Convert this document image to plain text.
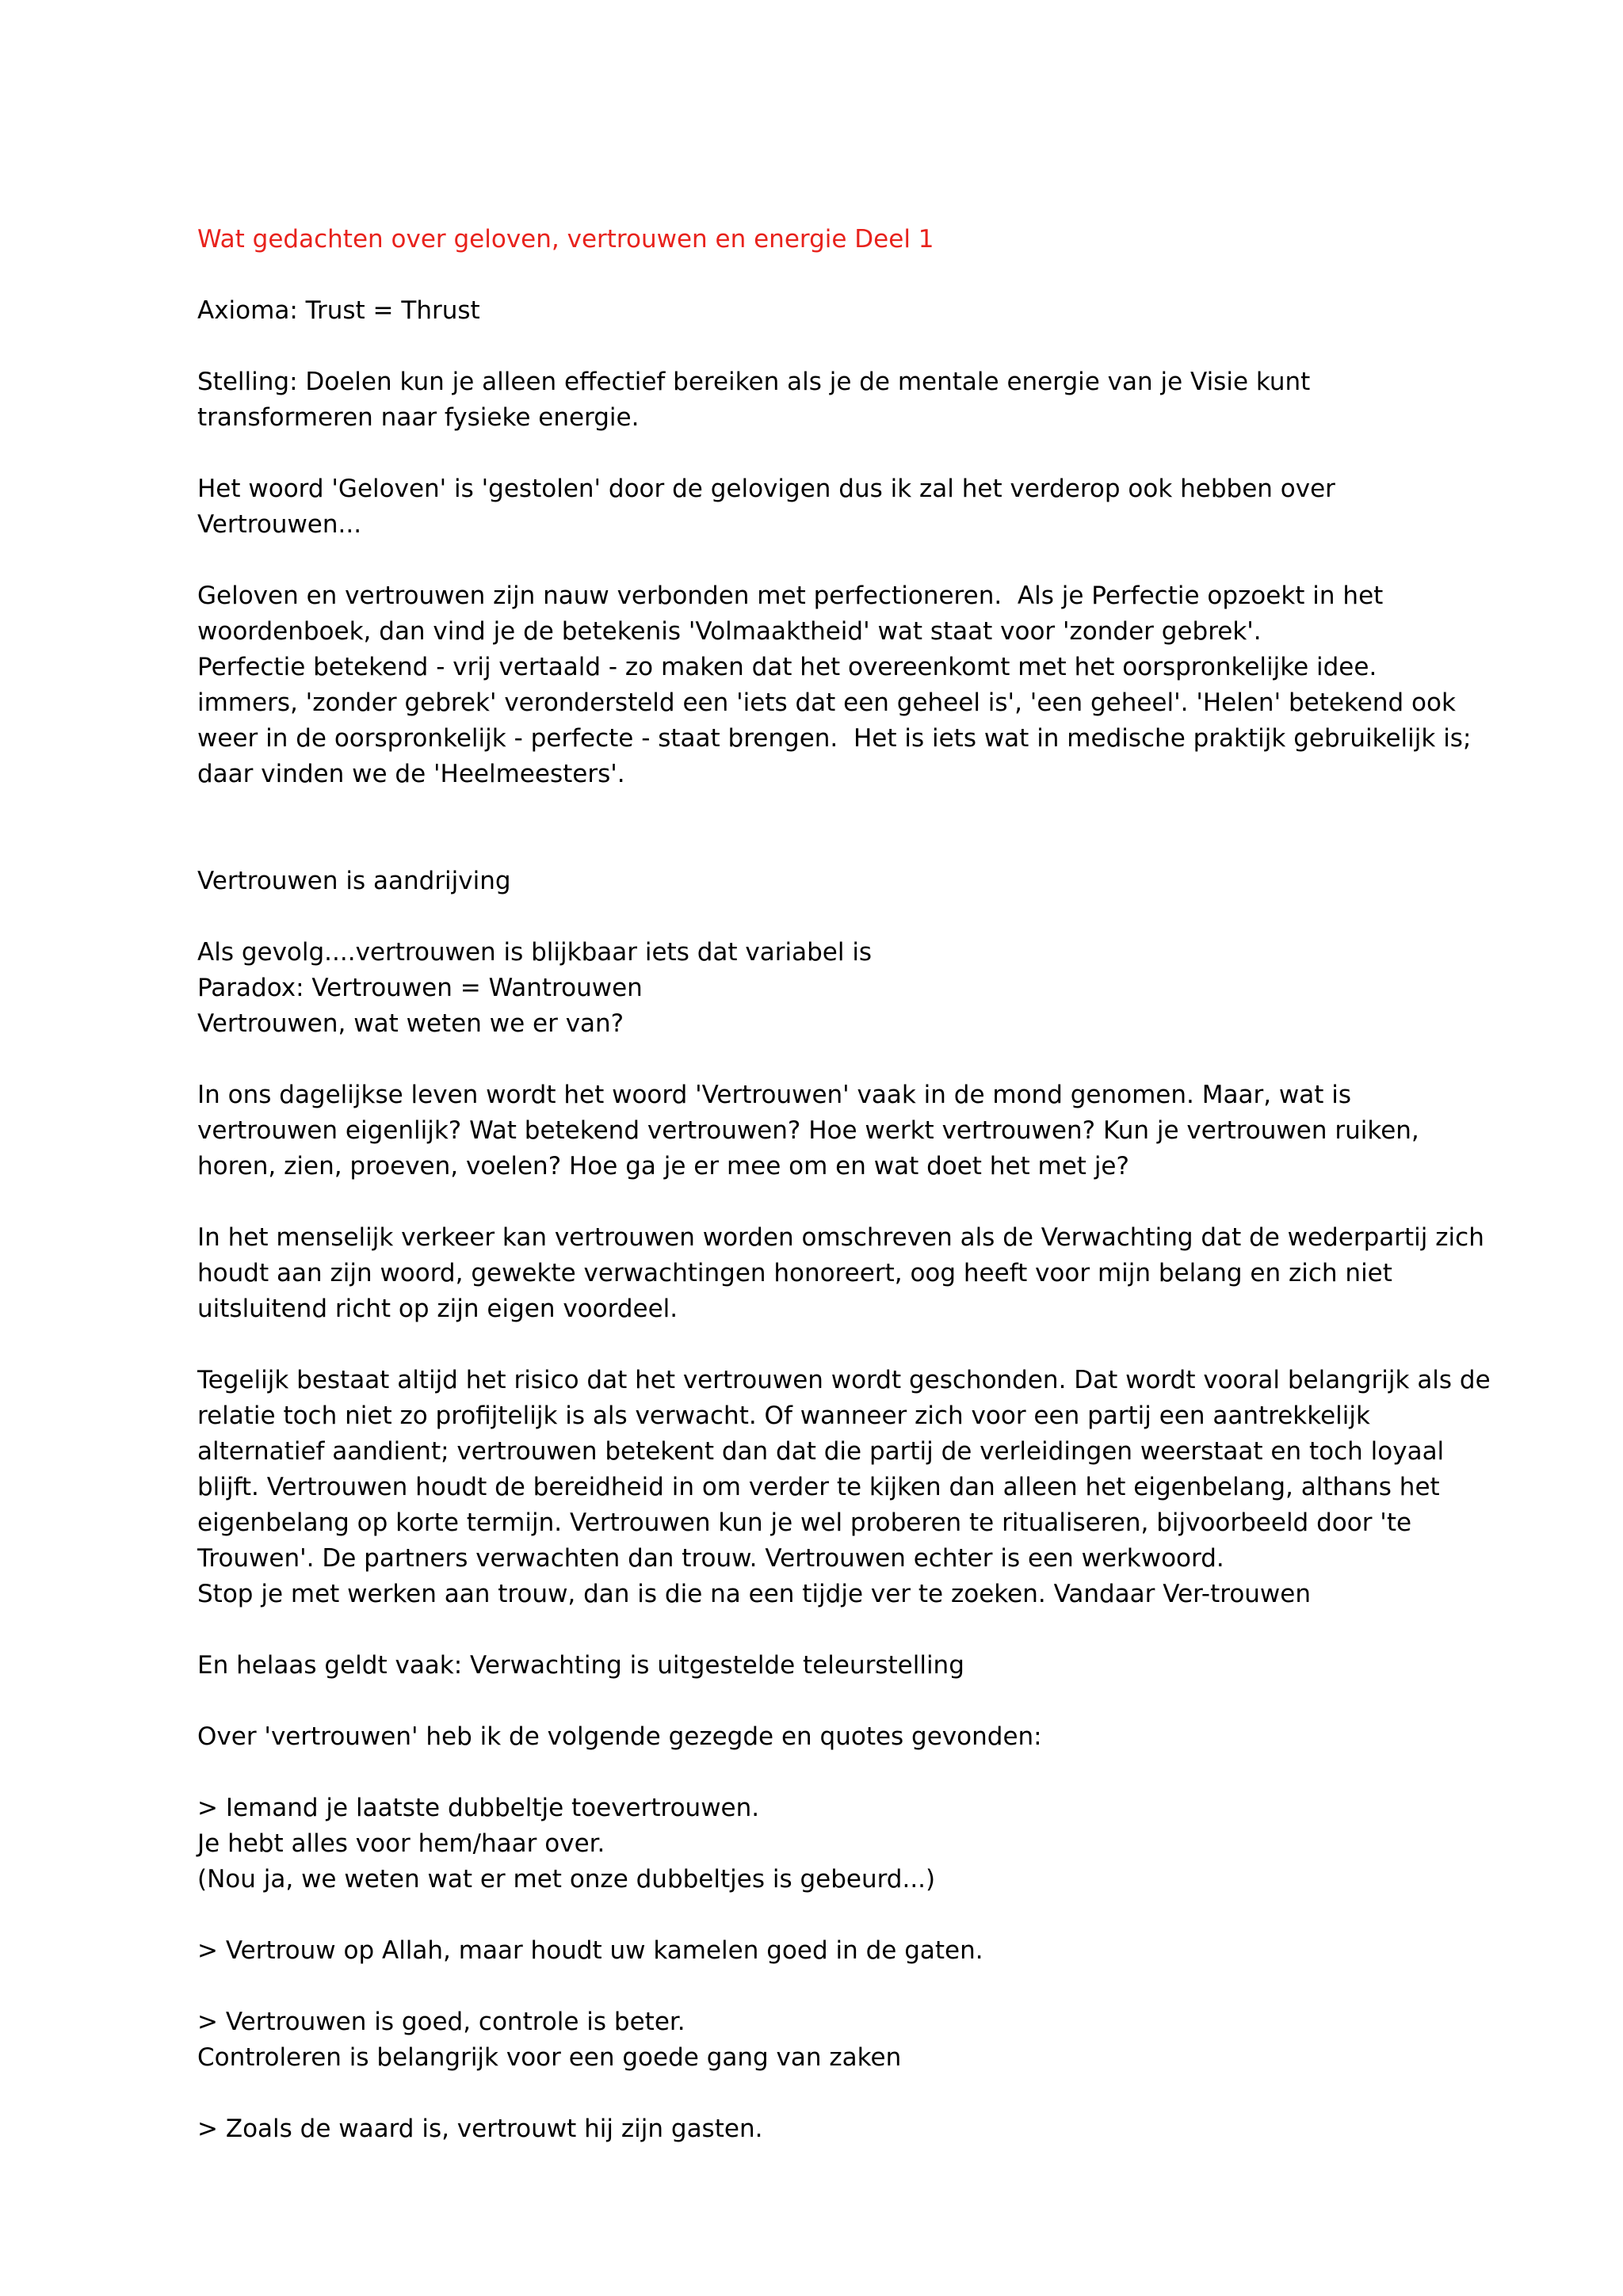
Wat gedachten over geloven, vertrouwen en energie Deel 1
Axioma: Trust = Thrust
Stelling: Doelen kun je alleen effectief bereiken als je de mentale energie van je Visie kunt
transformeren naar fysieke energie.
Het woord 'Geloven' is 'gestolen' door de gelovigen dus ik zal het verderop ook hebben over
Vertrouwen...
Geloven en vertrouwen zijn nauw verbonden met perfectioneren.  Als je Perfectie opzoekt in het
woordenboek, dan vind je de betekenis 'Volmaaktheid' wat staat voor 'zonder gebrek'.
Perfectie betekend - vrij vertaald - zo maken dat het overeenkomt met het oorspronkelijke idee.
immers, 'zonder gebrek' verondersteld een 'iets dat een geheel is', 'een geheel'. 'Helen' betekend ook
weer in de oorspronkelijk - perfecte - staat brengen.  Het is iets wat in medische praktijk gebruikelijk is;
daar vinden we de 'Heelmeesters'.
Vertrouwen is aandrijving
Als gevolg....vertrouwen is blijkbaar iets dat variabel is
Paradox: Vertrouwen = Wantrouwen
Vertrouwen, wat weten we er van?
In ons dagelijkse leven wordt het woord 'Vertrouwen' vaak in de mond genomen. Maar, wat is
vertrouwen eigenlijk? Wat betekend vertrouwen? Hoe werkt vertrouwen? Kun je vertrouwen ruiken,
horen, zien, proeven, voelen? Hoe ga je er mee om en wat doet het met je?
In het menselijk verkeer kan vertrouwen worden omschreven als de Verwachting dat de wederpartij zich
houdt aan zijn woord, gewekte verwachtingen honoreert, oog heeft voor mijn belang en zich niet
uitsluitend richt op zijn eigen voordeel.
Tegelijk bestaat altijd het risico dat het vertrouwen wordt geschonden. Dat wordt vooral belangrijk als de
relatie toch niet zo profijtelijk is als verwacht. Of wanneer zich voor een partij een aantrekkelijk
alternatief aandient; vertrouwen betekent dan dat die partij de verleidingen weerstaat en toch loyaal
blijft. Vertrouwen houdt de bereidheid in om verder te kijken dan alleen het eigenbelang, althans het
eigenbelang op korte termijn. Vertrouwen kun je wel proberen te ritualiseren, bijvoorbeeld door 'te
Trouwen'. De partners verwachten dan trouw. Vertrouwen echter is een werkwoord.
Stop je met werken aan trouw, dan is die na een tijdje ver te zoeken. Vandaar Ver-trouwen
En helaas geldt vaak: Verwachting is uitgestelde teleurstelling
Over 'vertrouwen' heb ik de volgende gezegde en quotes gevonden:
> Iemand je laatste dubbeltje toevertrouwen.
Je hebt alles voor hem/haar over.
(Nou ja, we weten wat er met onze dubbeltjes is gebeurd...)
> Vertrouw op Allah, maar houdt uw kamelen goed in de gaten.
> Vertrouwen is goed, controle is beter.
Controleren is belangrijk voor een goede gang van zaken
> Zoals de waard is, vertrouwt hij zijn gasten.
